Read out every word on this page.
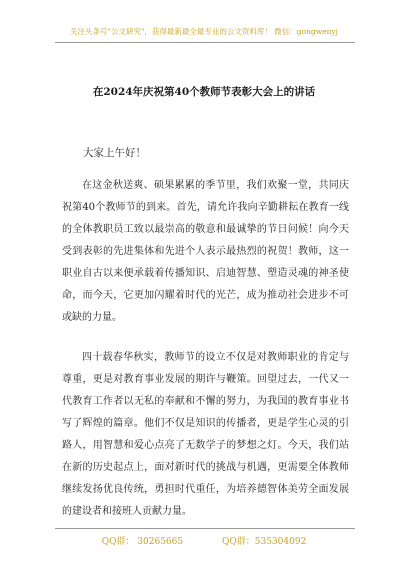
关注头条号"公文研究"，获得最新最全最专业的公文资料库！ 微信：gongwenyj
在2024年庆祝第40个教师节表彰大会上的讲话
大家上午好！

在这金秋送爽、硕果累累的季节里，我们欢聚一堂，共同庆祝第40个教师节的到来。首先，请允许我向辛勤耕耘在教育一线的全体教职员工致以最崇高的敬意和最诚挚的节日问候！向今天受到表彰的先进集体和先进个人表示最热烈的祝贺！教师，这一职业自古以来便承载着传播知识、启迪智慧、塑造灵魂的神圣使命，而今天，它更加闪耀着时代的光芒，成为推动社会进步不可或缺的力量。

四十载春华秋实，教师节的设立不仅是对教师职业的肯定与尊重，更是对教育事业发展的期许与鞭策。回望过去，一代又一代教育工作者以无私的奉献和不懈的努力，为我国的教育事业书写了辉煌的篇章。他们不仅是知识的传播者，更是学生心灵的引路人，用智慧和爱心点亮了无数学子的梦想之灯。今天，我们站在新的历史起点上，面对新时代的挑战与机遇，更需要全体教师继续发扬优良传统，勇担时代重任，为培养德智体美劳全面发展的建设者和接班人贡献力量。

QQ群： 30265665	QQ群：535304092
